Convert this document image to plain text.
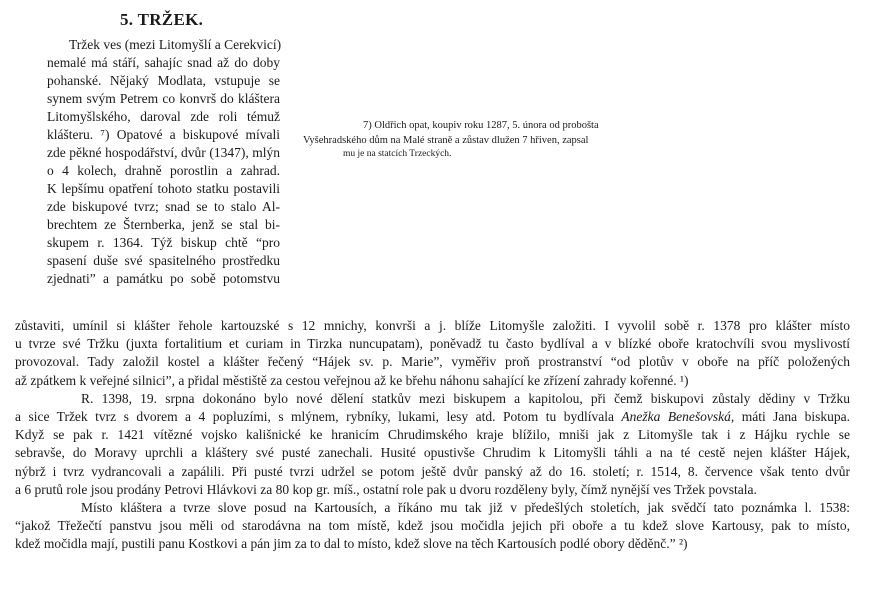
5. TRŽEK.
Tržek ves (mezi Litomyšlí a Cerekvicí)
nemalé má stáří, sahajíc snad až do doby
pohanské. Nějaký Modlata, vstupuje se
synem svým Petrem co konvrš do kláštera
Litomyšlského, daroval zde roli témuž
klášteru. ⁷) Opatové a biskupové mívali
zde pěkné hospodářství, dvůr (1347), mlýn
o 4 kolech, drahně porostlin a zahrad.
K lepšímu opatření tohoto statku postavili
zde biskupové tvrz; snad se to stalo Al-
brechtem ze Šternberka, jenž se stal bi-
skupem r. 1364. Týž biskup chtě “pro
spasení duše své spasitelného prostředku
zjednati” a památku po sobě potomstvu
7) Oldřich opat, koupiv roku 1287, 5. února od probošta
Vyšehradského dům na Malé straně a zůstav dlužen 7 hřiven, zapsal
mu je na statcích Trzeckých.
zůstaviti, umínil si klášter řehole kartouzské s 12 mnichy, konvrši a j. blíže Litomyšle založiti. I vyvolil sobě r. 1378 pro klášter místo
u tvrze své Tržku (juxta fortalitium et curiam in Tirzka nuncupatam), poněvadž tu často bydlíval a v blízké oboře kratochvíli svou myslivostí
provozoval. Tady založil kostel a klášter řečený “Hájek sv. p. Marie”, vyměřiv proň prostranství “od plotův v oboře na příč položených
až zpátkem k veřejné silnici”, a přidal městiště za cestou veřejnou až ke břehu náhonu sahající ke zřízení zahrady kořenné. ¹)
R. 1398, 19. srpna dokonáno bylo nové dělení statkův mezi biskupem a kapitolou, při čemž biskupovi zůstaly dědiny v Tržku
a sice Tržek tvrz s dvorem a 4 popluzími, s mlýnem, rybníky, lukami, lesy atd. Potom tu bydlívala Anežka Benešovská, máti Jana biskupa.
Když se pak r. 1421 vítězné vojsko kališnické ke hranicím Chrudimského kraje blížilo, mniši jak z Litomyšle tak i z Hájku rychle se
sebravše, do Moravy uprchli a kláštery své pusté zanechali. Husité opustivše Chrudim k Litomyšli táhli a na té cestě nejen klášter Hájek,
nýbrž i tvrz vydrancovali a zapálili. Při pusté tvrzi udržel se potom ještě dvůr panský až do 16. století; r. 1514, 8. července však tento dvůr
a 6 prutů role jsou prodány Petrovi Hlávkovi za 80 kop gr. míš., ostatní role pak u dvoru rozděleny byly, čímž nynější ves Tržek povstala.
Místo kláštera a tvrze slove posud na Kartousích, a říkáno mu tak již v předešlých stoletích, jak svědčí tato poznámka l. 1538:
“jakož Třežečtí panstvu jsou měli od starodávna na tom místě, kdež jsou močidla jejich při oboře a tu kdež slove Kartousy, pak to místo,
kdež močidla mají, pustili panu Kostkovi a pán jim za to dal to místo, kdež slove na těch Kartousích podlé obory děděnč.” ²)
